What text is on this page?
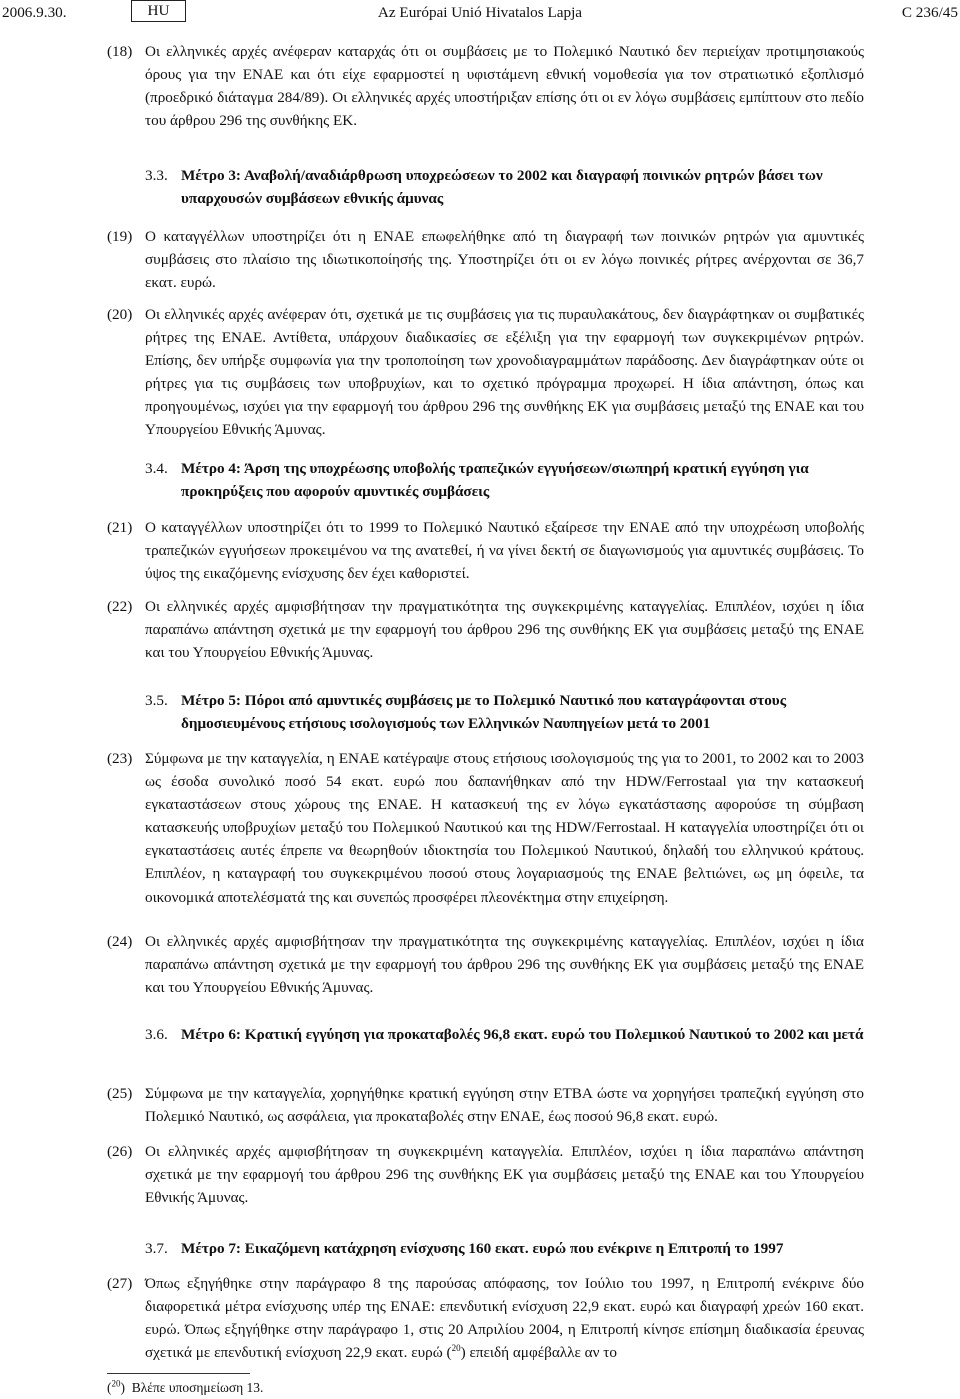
2006.9.30.	HU	Az Európai Unió Hivatalos Lapja	C 236/45
(18) Οι ελληνικές αρχές ανέφεραν καταρχάς ότι οι συμβάσεις με το Πολεμικό Ναυτικό δεν περιείχαν προτιμησιακούς όρους για την ΕΝΑΕ και ότι είχε εφαρμοστεί η υφιστάμενη εθνική νομοθεσία για τον στρατιωτικό εξοπλισμό (προεδρικό διάταγμα 284/89). Οι ελληνικές αρχές υποστήριξαν επίσης ότι οι εν λόγω συμβάσεις εμπίπτουν στο πεδίο του άρθρου 296 της συνθήκης ΕΚ.
3.3. Μέτρο 3: Αναβολή/αναδιάρθρωση υποχρεώσεων το 2002 και διαγραφή ποινικών ρητρών βάσει των υπαρχουσών συμβάσεων εθνικής άμυνας
(19) Ο καταγγέλλων υποστηρίζει ότι η ΕΝΑΕ επωφελήθηκε από τη διαγραφή των ποινικών ρητρών για αμυντικές συμβάσεις στο πλαίσιο της ιδιωτικοποίησής της. Υποστηρίζει ότι οι εν λόγω ποινικές ρήτρες ανέρχονται σε 36,7 εκατ. ευρώ.
(20) Οι ελληνικές αρχές ανέφεραν ότι, σχετικά με τις συμβάσεις για τις πυραυλακάτους, δεν διαγράφτηκαν οι συμβατικές ρήτρες της ΕΝΑΕ. Αντίθετα, υπάρχουν διαδικασίες σε εξέλιξη για την εφαρμογή των συγκεκριμένων ρητρών. Επίσης, δεν υπήρξε συμφωνία για την τροποποίηση των χρονοδιαγραμμάτων παράδοσης. Δεν διαγράφτηκαν ούτε οι ρήτρες για τις συμβάσεις των υποβρυχίων, και το σχετικό πρόγραμμα προχωρεί. Η ίδια απάντηση, όπως και προηγουμένως, ισχύει για την εφαρμογή του άρθρου 296 της συνθήκης ΕΚ για συμβάσεις μεταξύ της ΕΝΑΕ και του Υπουργείου Εθνικής Άμυνας.
3.4. Μέτρο 4: Άρση της υποχρέωσης υποβολής τραπεζικών εγγυήσεων/σιωπηρή κρατική εγγύηση για προκηρύξεις που αφορούν αμυντικές συμβάσεις
(21) Ο καταγγέλλων υποστηρίζει ότι το 1999 το Πολεμικό Ναυτικό εξαίρεσε την ΕΝΑΕ από την υποχρέωση υποβολής τραπεζικών εγγυήσεων προκειμένου να της ανατεθεί, ή να γίνει δεκτή σε διαγωνισμούς για αμυντικές συμβάσεις. Το ύψος της εικαζόμενης ενίσχυσης δεν έχει καθοριστεί.
(22) Οι ελληνικές αρχές αμφισβήτησαν την πραγματικότητα της συγκεκριμένης καταγγελίας. Επιπλέον, ισχύει η ίδια παραπάνω απάντηση σχετικά με την εφαρμογή του άρθρου 296 της συνθήκης ΕΚ για συμβάσεις μεταξύ της ΕΝΑΕ και του Υπουργείου Εθνικής Άμυνας.
3.5. Μέτρο 5: Πόροι από αμυντικές συμβάσεις με το Πολεμικό Ναυτικό που καταγράφονται στους δημοσιευμένους ετήσιους ισολογισμούς των Ελληνικών Ναυπηγείων μετά το 2001
(23) Σύμφωνα με την καταγγελία, η ΕΝΑΕ κατέγραψε στους ετήσιους ισολογισμούς της για το 2001, το 2002 και το 2003 ως έσοδα συνολικό ποσό 54 εκατ. ευρώ που δαπανήθηκαν από την HDW/Ferrostaal για την κατασκευή εγκαταστάσεων στους χώρους της ΕΝΑΕ. Η κατασκευή της εν λόγω εγκατάστασης αφορούσε τη σύμβαση κατασκευής υποβρυχίων μεταξύ του Πολεμικού Ναυτικού και της HDW/Ferrostaal. Η καταγγελία υποστηρίζει ότι οι εγκαταστάσεις αυτές έπρεπε να θεωρηθούν ιδιοκτησία του Πολεμικού Ναυτικού, δηλαδή του ελληνικού κράτους. Επιπλέον, η καταγραφή του συγκεκριμένου ποσού στους λογαριασμούς της ΕΝΑΕ βελτιώνει, ως μη όφειλε, τα οικονομικά αποτελέσματά της και συνεπώς προσφέρει πλεονέκτημα στην επιχείρηση.
(24) Οι ελληνικές αρχές αμφισβήτησαν την πραγματικότητα της συγκεκριμένης καταγγελίας. Επιπλέον, ισχύει η ίδια παραπάνω απάντηση σχετικά με την εφαρμογή του άρθρου 296 της συνθήκης ΕΚ για συμβάσεις μεταξύ της ΕΝΑΕ και του Υπουργείου Εθνικής Άμυνας.
3.6. Μέτρο 6: Κρατική εγγύηση για προκαταβολές 96,8 εκατ. ευρώ του Πολεμικού Ναυτικού το 2002 και μετά
(25) Σύμφωνα με την καταγγελία, χορηγήθηκε κρατική εγγύηση στην ΕΤΒΑ ώστε να χορηγήσει τραπεζική εγγύηση στο Πολεμικό Ναυτικό, ως ασφάλεια, για προκαταβολές στην ΕΝΑΕ, έως ποσού 96,8 εκατ. ευρώ.
(26) Οι ελληνικές αρχές αμφισβήτησαν τη συγκεκριμένη καταγγελία. Επιπλέον, ισχύει η ίδια παραπάνω απάντηση σχετικά με την εφαρμογή του άρθρου 296 της συνθήκης ΕΚ για συμβάσεις μεταξύ της ΕΝΑΕ και του Υπουργείου Εθνικής Άμυνας.
3.7. Μέτρο 7: Εικαζόμενη κατάχρηση ενίσχυσης 160 εκατ. ευρώ που ενέκρινε η Επιτροπή το 1997
(27) Όπως εξηγήθηκε στην παράγραφο 8 της παρούσας απόφασης, τον Ιούλιο του 1997, η Επιτροπή ενέκρινε δύο διαφορετικά μέτρα ενίσχυσης υπέρ της ΕΝΑΕ: επενδυτική ενίσχυση 22,9 εκατ. ευρώ και διαγραφή χρεών 160 εκατ. ευρώ. Όπως εξηγήθηκε στην παράγραφο 1, στις 20 Απριλίου 2004, η Επιτροπή κίνησε επίσημη διαδικασία έρευνας σχετικά με επενδυτική ενίσχυση 22,9 εκατ. ευρώ ($^{20}$) επειδή αμφέβαλλε αν το
($^{20}$) Βλέπε υποσημείωση 13.
